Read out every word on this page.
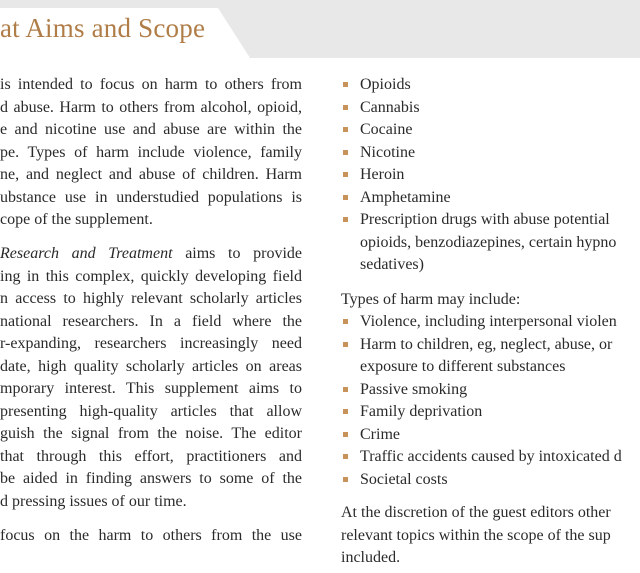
at Aims and Scope

is intended to focus on harm to others from
d abuse. Harm to others from alcohol, opioid,
e and nicotine use and abuse are within the
pe. Types of harm include violence, family
ne, and neglect and abuse of children. Harm
ubstance use in understudied populations is
cope of the supplement.

Research and Treatment aims to provide
ing in this complex, quickly developing field
n access to highly relevant scholarly articles
national researchers. In a field where the
r-expanding, researchers increasingly need
date, high quality scholarly articles on areas
mporary interest. This supplement aims to
presenting high-quality articles that allow
guish the signal from the noise. The editor
that through this effort, practitioners and
be aided in finding answers to some of the
d pressing issues of our time.

focus on the harm to others from the use

Opioids
Cannabis
Cocaine
Nicotine
Heroin
Amphetamine
Prescription drugs with abuse potential
opioids, benzodiazepines, certain hypno
sedatives)
Types of harm may include:
Violence, including interpersonal violen
Harm to children, eg, neglect, abuse, or
exposure to different substances
Passive smoking
Family deprivation
Crime
Traffic accidents caused by intoxicated d
Societal costs
At the discretion of the guest editors other
relevant topics within the scope of the sup
included.
